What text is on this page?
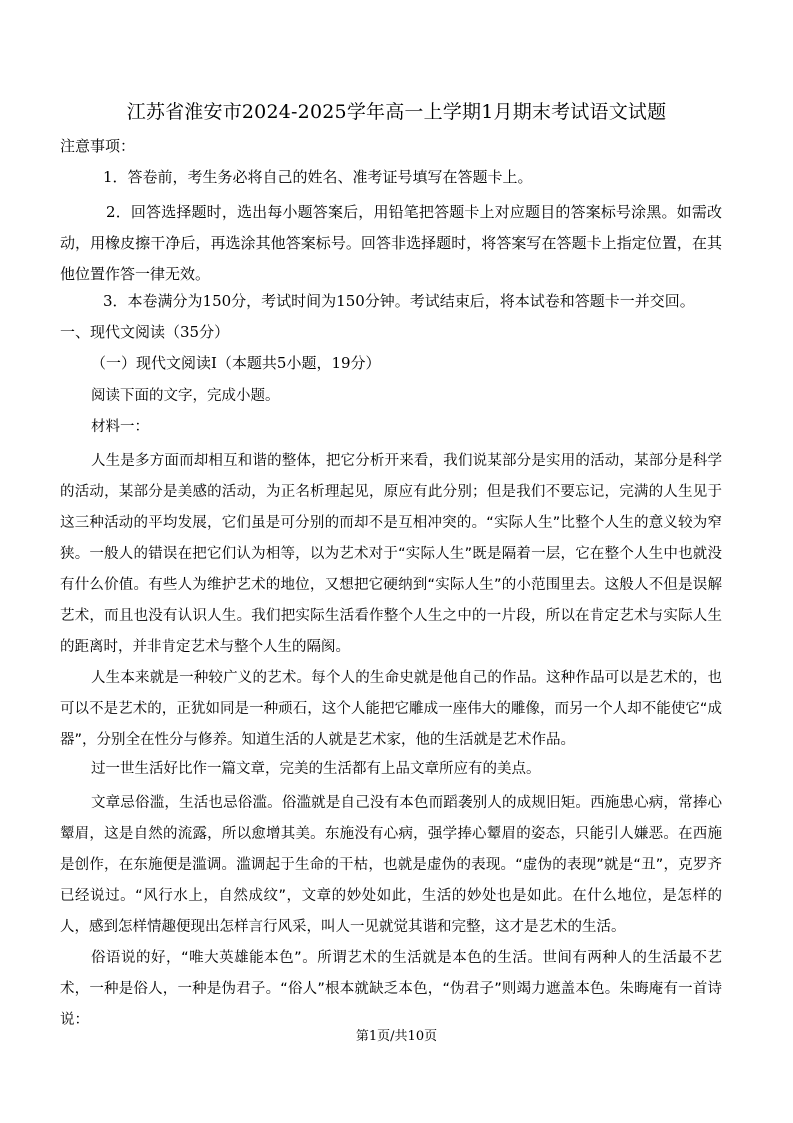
江苏省淮安市2024-2025学年高一上学期1月期末考试语文试题
注意事项：
1．答卷前，考生务必将自己的姓名、准考证号填写在答题卡上。
2．回答选择题时，选出每小题答案后，用铅笔把答题卡上对应题目的答案标号涂黑。如需改动，用橡皮擦干净后，再选涂其他答案标号。回答非选择题时，将答案写在答题卡上指定位置，在其他位置作答一律无效。
3．本卷满分为150分，考试时间为150分钟。考试结束后，将本试卷和答题卡一并交回。
一、现代文阅读（35分）
（一）现代文阅读Ⅰ（本题共5小题，19分）
阅读下面的文字，完成小题。
材料一：
人生是多方面而却相互和谐的整体，把它分析开来看，我们说某部分是实用的活动，某部分是科学的活动，某部分是美感的活动，为正名析理起见，原应有此分别；但是我们不要忘记，完满的人生见于这三种活动的平均发展，它们虽是可分别的而却不是互相冲突的。“实际人生”比整个人生的意义较为窄狭。一般人的错误在把它们认为相等，以为艺术对于“实际人生”既是隔着一层，它在整个人生中也就没有什么价值。有些人为维护艺术的地位，又想把它硬纳到“实际人生”的小范围里去。这般人不但是误解艺术，而且也没有认识人生。我们把实际生活看作整个人生之中的一片段，所以在肯定艺术与实际人生的距离时，并非肯定艺术与整个人生的隔阂。
人生本来就是一种较广义的艺术。每个人的生命史就是他自己的作品。这种作品可以是艺术的，也可以不是艺术的，正犹如同是一种顽石，这个人能把它雕成一座伟大的雕像，而另一个人却不能使它“成器”，分别全在性分与修养。知道生活的人就是艺术家，他的生活就是艺术作品。
过一世生活好比作一篇文章，完美的生活都有上品文章所应有的美点。
文章忌俗滥，生活也忌俗滥。俗滥就是自己没有本色而蹈袭别人的成规旧矩。西施患心病，常捧心颦眉，这是自然的流露，所以愈增其美。东施没有心病，强学捧心颦眉的姿态，只能引人嫌恶。在西施是创作，在东施便是滥调。滥调起于生命的干枯，也就是虚伪的表现。“虚伪的表现”就是“丑”，克罗齐已经说过。“风行水上，自然成纹”，文章的妙处如此，生活的妙处也是如此。在什么地位，是怎样的人，感到怎样情趣便现出怎样言行风采，叫人一见就觉其谐和完整，这才是艺术的生活。
俗语说的好，“唯大英雄能本色”。所谓艺术的生活就是本色的生活。世间有两种人的生活最不艺术，一种是俗人，一种是伪君子。“俗人”根本就缺乏本色，“伪君子”则竭力遮盖本色。朱晦庵有一首诗说：
第1页/共10页
